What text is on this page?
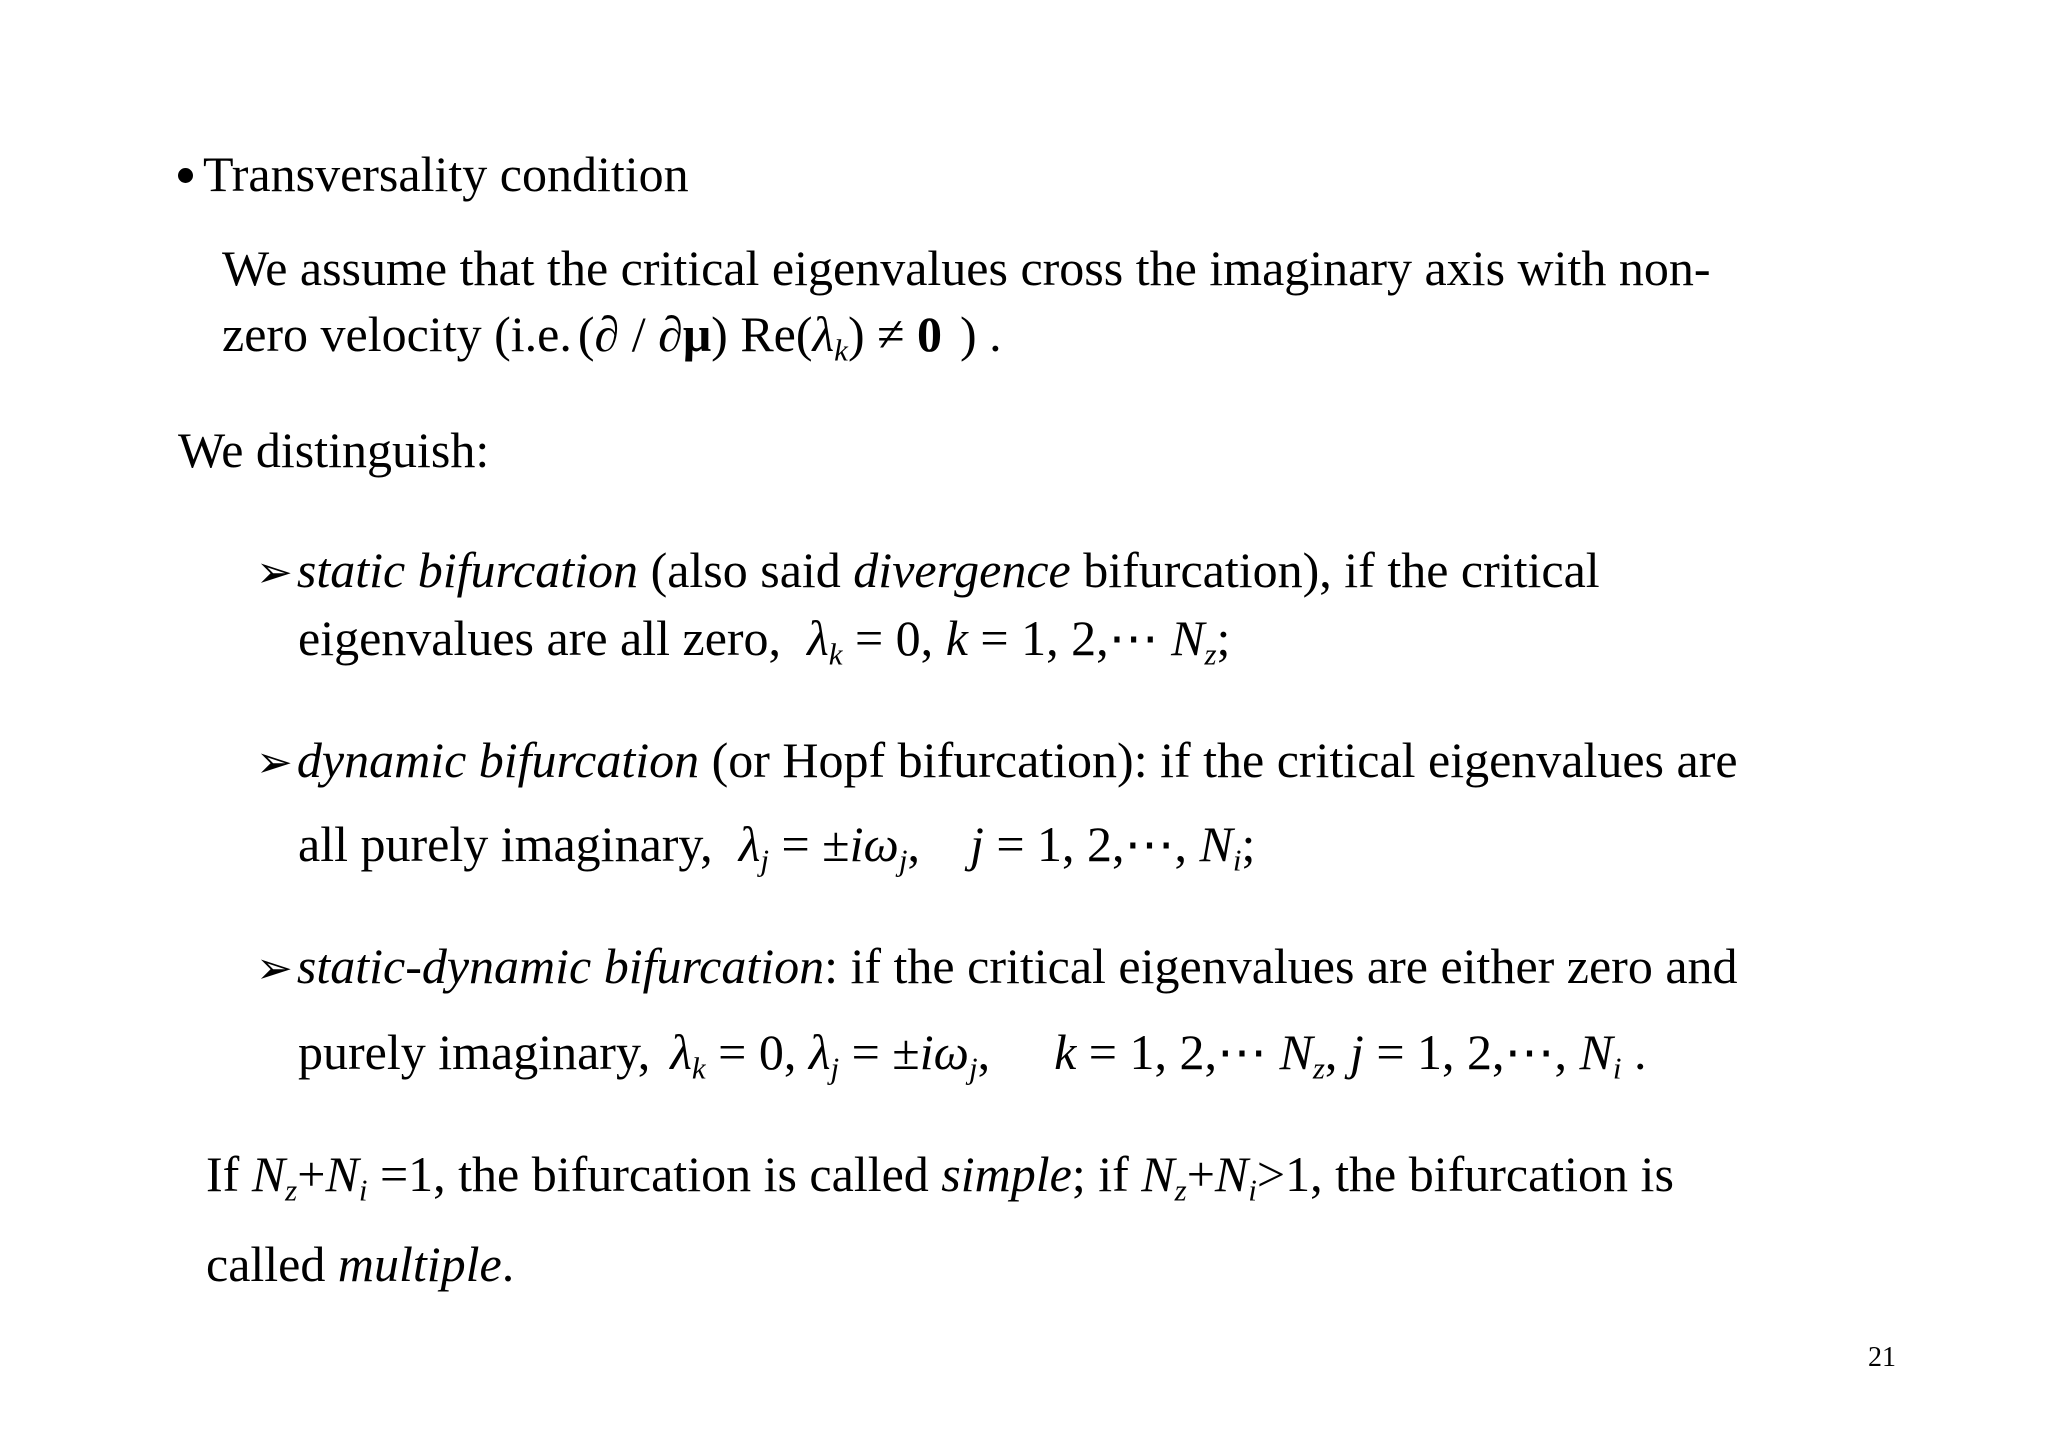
Transversality condition
We assume that the critical eigenvalues cross the imaginary axis with non-
zero velocity (i.e. (∂ / ∂μ) $Re(\lambda_k) \ne 0$ ) .
We distinguish:
➢static bifurcation (also said divergence bifurcation), if the critical
eigenvalues are all zero, $\lambda_k = 0$, k = 1, 2,⋯ $N_z$;
➢dynamic bifurcation (or Hopf bifurcation): if the critical eigenvalues are
all purely imaginary, $\lambda_j = \pm i\omega_j$, j = 1, 2,⋯, $N_i$;
➢static-dynamic bifurcation: if the critical eigenvalues are either zero and
purely imaginary, $\lambda_k = 0$, $\lambda_j = \pm i\omega_j$, k = 1, 2,⋯ $N_z$, j = 1, 2,⋯, $N_i$ .
If $N_z+N_i =1$, the bifurcation is called simple; if $N_z+N_i>1$, the bifurcation is
called multiple.
21
